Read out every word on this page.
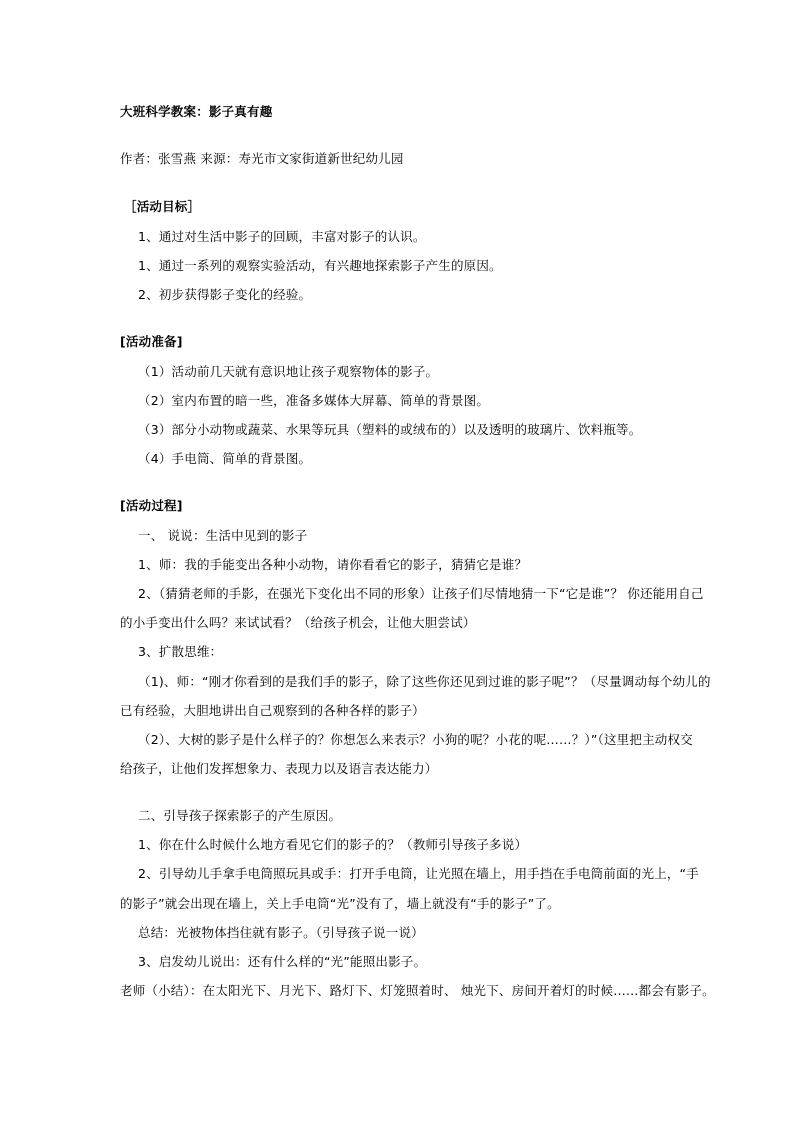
大班科学教案：影子真有趣
作者：张雪燕 来源：寿光市文家街道新世纪幼儿园
［活动目标］
1、通过对生活中影子的回顾，丰富对影子的认识。
1、通过一系列的观察实验活动，有兴趣地探索影子产生的原因。
2、初步获得影子变化的经验。
[活动准备]
（1）活动前几天就有意识地让孩子观察物体的影子。
（2）室内布置的暗一些，准备多媒体大屏幕、简单的背景图。
（3）部分小动物或蔬菜、水果等玩具（塑料的或绒布的）以及透明的玻璃片、饮料瓶等。
（4）手电筒、简单的背景图。
[活动过程]
一、 说说：生活中见到的影子
1、师：我的手能变出各种小动物，请你看看它的影子，猜猜它是谁？
2、（猜猜老师的手影，在强光下变化出不同的形象）让孩子们尽情地猜一下“它是谁”？ 你还能用自己
的小手变出什么吗？来试试看？（给孩子机会，让他大胆尝试）
3、扩散思维：
（1)、师：“刚才你看到的是我们手的影子，除了这些你还见到过谁的影子呢”？（尽量调动每个幼儿的
已有经验，大胆地讲出自己观察到的各种各样的影子）
（2）、大树的影子是什么样子的？你想怎么来表示？小狗的呢？小花的呢……？）”（这里把主动权交
给孩子，让他们发挥想象力、表现力以及语言表达能力）
二、引导孩子探索影子的产生原因。
1、你在什么时候什么地方看见它们的影子的？（教师引导孩子多说）
2、引导幼儿手拿手电筒照玩具或手：打开手电筒，让光照在墙上，用手挡在手电筒前面的光上，“手
的影子”就会出现在墙上，关上手电筒“光”没有了，墙上就没有“手的影子”了。
总结：光被物体挡住就有影子。（引导孩子说一说）
3、启发幼儿说出：还有什么样的“光”能照出影子。
老师（小结）：在太阳光下、月光下、路灯下、灯笼照着时、 烛光下、房间开着灯的时候……都会有影子。
